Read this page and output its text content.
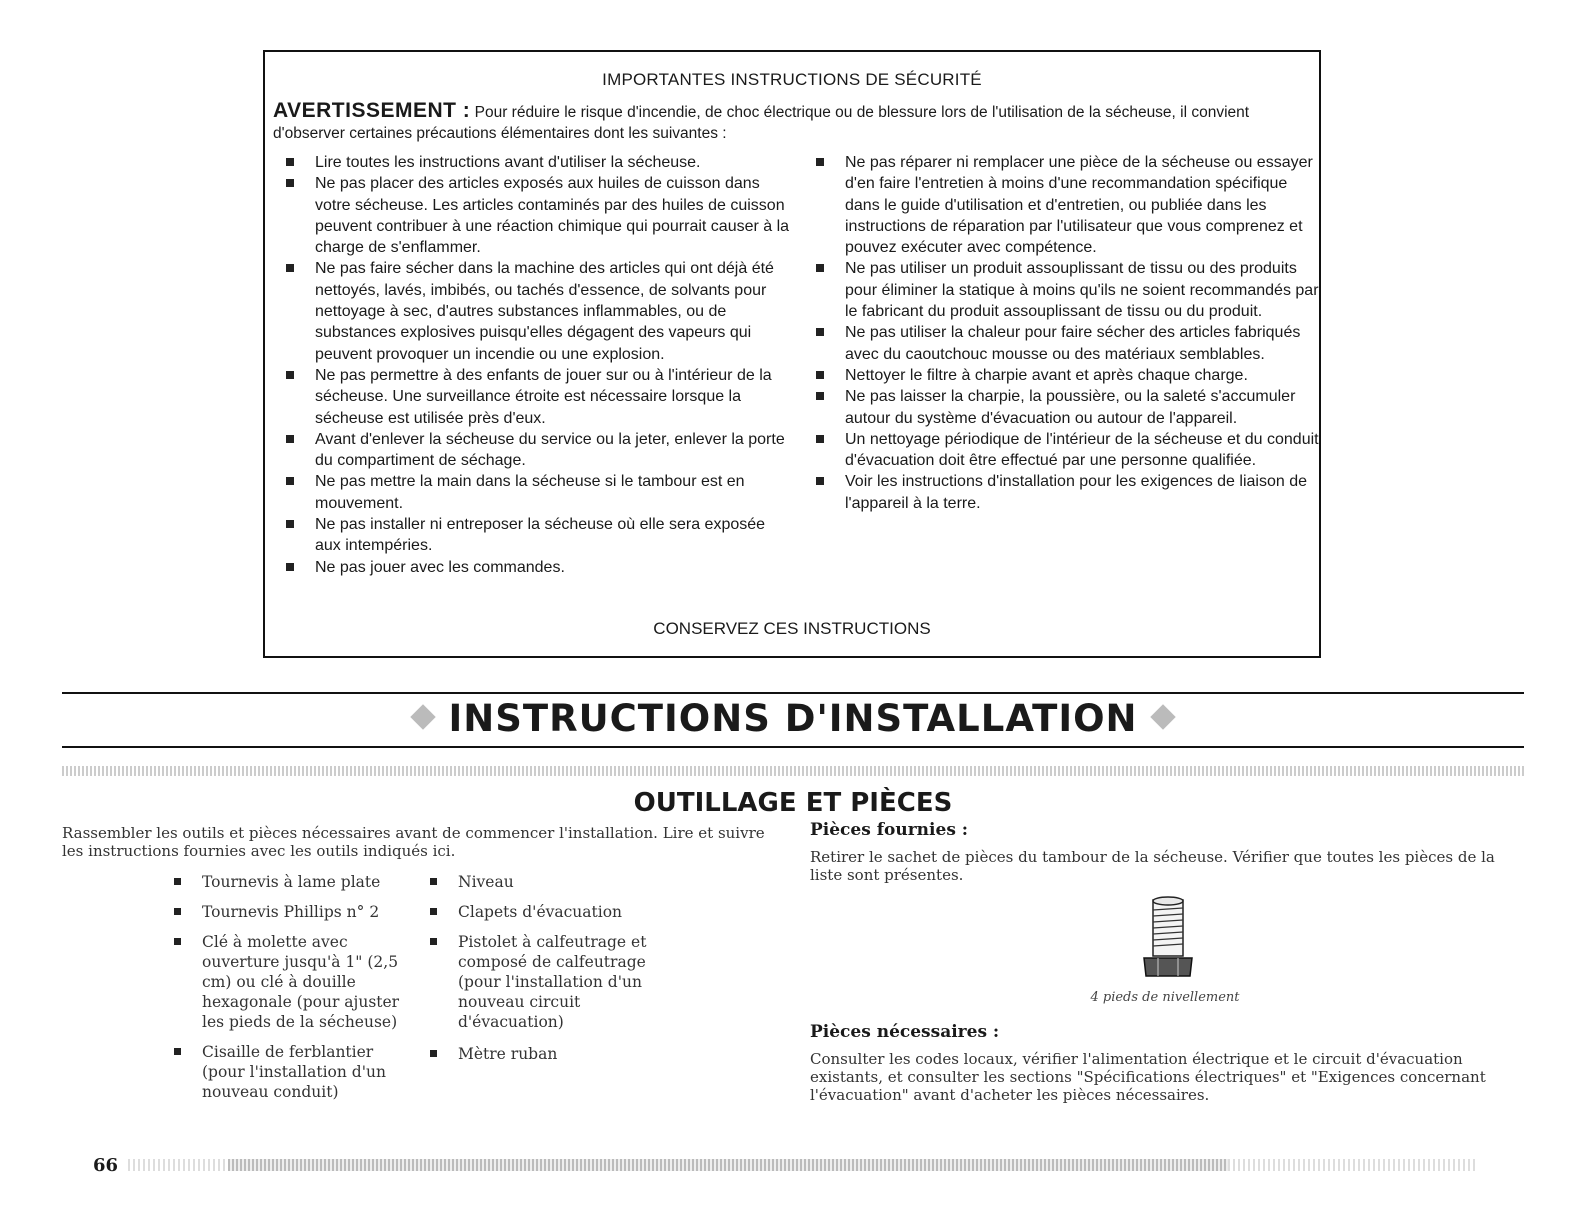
IMPORTANTES INSTRUCTIONS DE SÉCURITÉ
AVERTISSEMENT : Pour réduire le risque d'incendie, de choc électrique ou de blessure lors de l'utilisation de la sécheuse, il convient d'observer certaines précautions élémentaires dont les suivantes :
Lire toutes les instructions avant d'utiliser la sécheuse.
Ne pas placer des articles exposés aux huiles de cuisson dans votre sécheuse. Les articles contaminés par des huiles de cuisson peuvent contribuer à une réaction chimique qui pourrait causer à la charge de s'enflammer.
Ne pas faire sécher dans la machine des articles qui ont déjà été nettoyés, lavés, imbibés, ou tachés d'essence, de solvants pour nettoyage à sec, d'autres substances inflammables, ou de substances explosives puisqu'elles dégagent des vapeurs qui peuvent provoquer un incendie ou une explosion.
Ne pas permettre à des enfants de jouer sur ou à l'intérieur de la sécheuse. Une surveillance étroite est nécessaire lorsque la sécheuse est utilisée près d'eux.
Avant d'enlever la sécheuse du service ou la jeter, enlever la porte du compartiment de séchage.
Ne pas mettre la main dans la sécheuse si le tambour est en mouvement.
Ne pas installer ni entreposer la sécheuse où elle sera exposée aux intempéries.
Ne pas jouer avec les commandes.
Ne pas réparer ni remplacer une pièce de la sécheuse ou essayer d'en faire l'entretien à moins d'une recommandation spécifique dans le guide d'utilisation et d'entretien, ou publiée dans les instructions de réparation par l'utilisateur que vous comprenez et pouvez exécuter avec compétence.
Ne pas utiliser un produit assouplissant de tissu ou des produits pour éliminer la statique à moins qu'ils ne soient recommandés par le fabricant du produit assouplissant de tissu ou du produit.
Ne pas utiliser la chaleur pour faire sécher des articles fabriqués avec du caoutchouc mousse ou des matériaux semblables.
Nettoyer le filtre à charpie avant et après chaque charge.
Ne pas laisser la charpie, la poussière, ou la saleté s'accumuler autour du système d'évacuation ou autour de l'appareil.
Un nettoyage périodique de l'intérieur de la sécheuse et du conduit d'évacuation doit être effectué par une personne qualifiée.
Voir les instructions d'installation pour les exigences de liaison de l'appareil à la terre.
CONSERVEZ CES INSTRUCTIONS
INSTRUCTIONS D'INSTALLATION
OUTILLAGE ET PIÈCES
Rassembler les outils et pièces nécessaires avant de commencer l'installation. Lire et suivre les instructions fournies avec les outils indiqués ici.
Tournevis à lame plate
Tournevis Phillips n° 2
Clé à molette avec ouverture jusqu'à 1" (2,5 cm) ou clé à douille hexagonale (pour ajuster les pieds de la sécheuse)
Cisaille de ferblantier (pour l'installation d'un nouveau conduit)
Niveau
Clapets d'évacuation
Pistolet à calfeutrage et composé de calfeutrage (pour l'installation d'un nouveau circuit d'évacuation)
Mètre ruban
Pièces fournies :
Retirer le sachet de pièces du tambour de la sécheuse. Vérifier que toutes les pièces de la liste sont présentes.
4 pieds de nivellement
Pièces nécessaires :
Consulter les codes locaux, vérifier l'alimentation électrique et le circuit d'évacuation existants, et consulter les sections "Spécifications électriques" et "Exigences concernant l'évacuation" avant d'acheter les pièces nécessaires.
66
